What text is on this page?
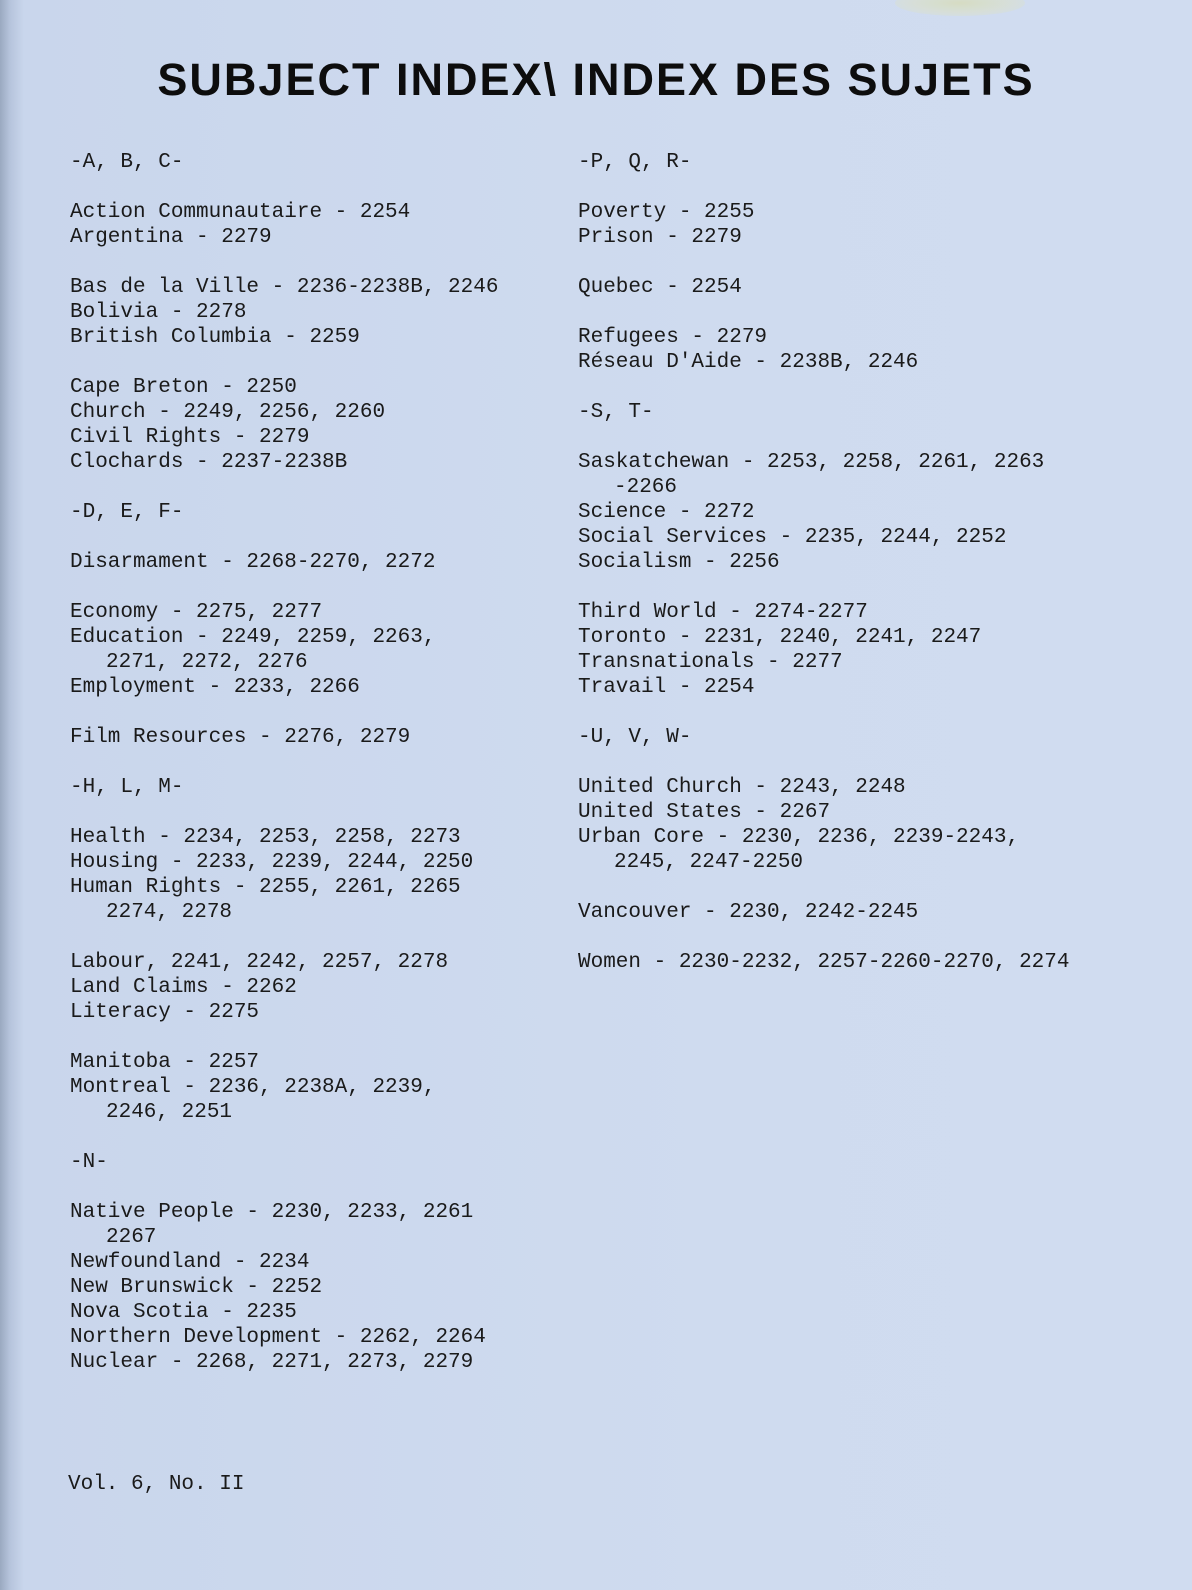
SUBJECT INDEX\ INDEX DES SUJETS
-A, B, C-
Action Communautaire - 2254
Argentina - 2279
Bas de la Ville - 2236-2238B, 2246
Bolivia - 2278
British Columbia - 2259
Cape Breton - 2250
Church - 2249, 2256, 2260
Civil Rights - 2279
Clochards - 2237-2238B
-D, E, F-
Disarmament - 2268-2270, 2272
Economy - 2275, 2277
Education - 2249, 2259, 2263,
2271, 2272, 2276
Employment - 2233, 2266
Film Resources - 2276, 2279
-H, L, M-
Health - 2234, 2253, 2258, 2273
Housing - 2233, 2239, 2244, 2250
Human Rights - 2255, 2261, 2265
2274, 2278
Labour, 2241, 2242, 2257, 2278
Land Claims - 2262
Literacy - 2275
Manitoba - 2257
Montreal - 2236, 2238A, 2239,
2246, 2251
-N-
Native People - 2230, 2233, 2261
2267
Newfoundland - 2234
New Brunswick - 2252
Nova Scotia - 2235
Northern Development - 2262, 2264
Nuclear - 2268, 2271, 2273, 2279
-P, Q, R-
Poverty - 2255
Prison - 2279
Quebec - 2254
Refugees - 2279
Réseau D'Aide - 2238B, 2246
-S, T-
Saskatchewan - 2253, 2258, 2261, 2263
-2266
Science - 2272
Social Services - 2235, 2244, 2252
Socialism - 2256
Third World - 2274-2277
Toronto - 2231, 2240, 2241, 2247
Transnationals - 2277
Travail - 2254
-U, V, W-
United Church - 2243, 2248
United States - 2267
Urban Core - 2230, 2236, 2239-2243,
2245, 2247-2250
Vancouver - 2230, 2242-2245
Women - 2230-2232, 2257-2260-2270, 2274
Vol. 6, No. II
